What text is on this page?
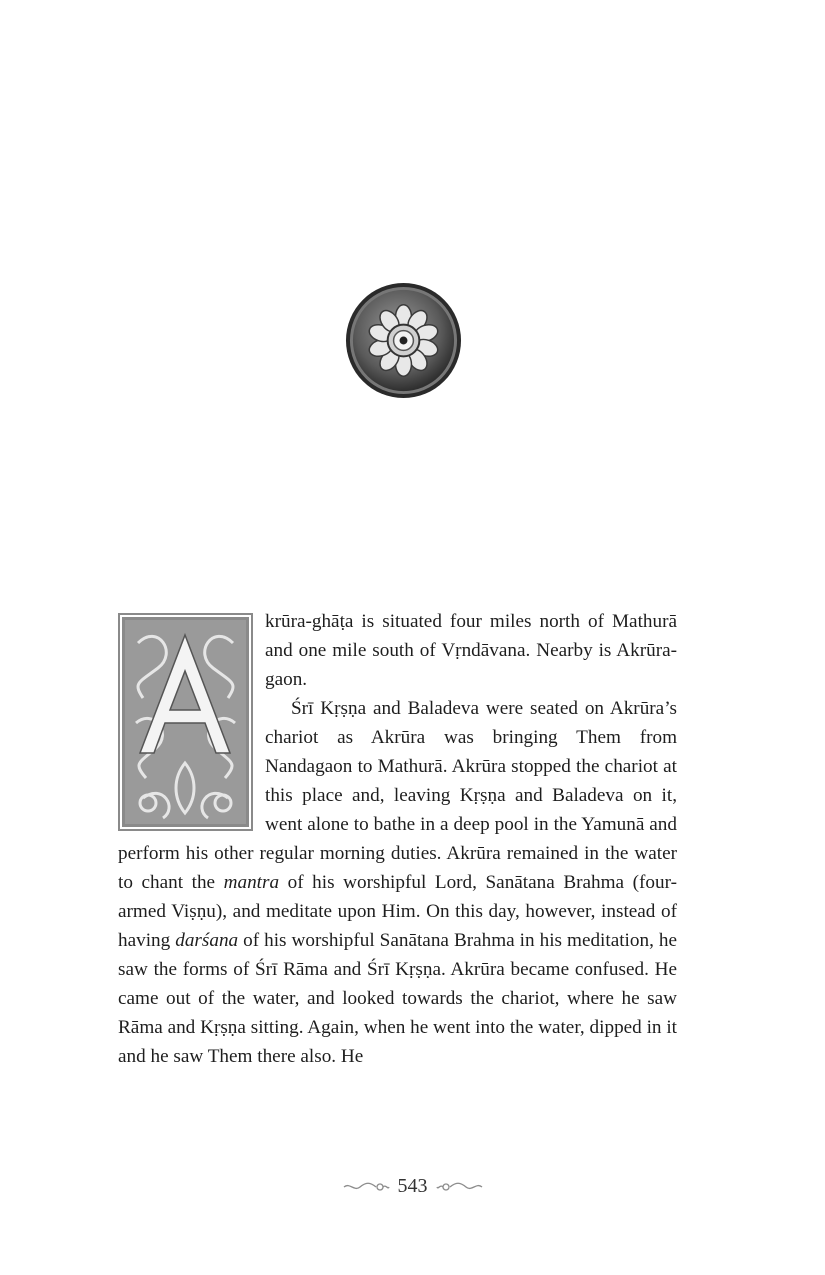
krūra-ghāṭa is situated four miles north of Mathurā and one mile south of Vṛndāvana. Nearby is Akrūra-gaon.

Śrī Kṛṣṇa and Baladeva were seated on Akrūra’s chariot as Akrūra was bringing Them from Nandagaon to Mathurā. Akrūra stopped the chariot at this place and, leaving Kṛṣṇa and Baladeva on it, went alone to bathe in a deep pool in the Yamunā and perform his other regular morning duties. Akrūra remained in the water to chant the mantra of his worshipful Lord, Sanātana Brahma (four-armed Viṣṇu), and meditate upon Him. On this day, however, instead of having darśana of his worshipful Sanātana Brahma in his meditation, he saw the forms of Śrī Rāma and Śrī Kṛṣṇa. Akrūra became confused. He came out of the water, and looked towards the chariot, where he saw Rāma and Kṛṣṇa sitting. Again, when he went into the water, dipped in it and he saw Them there also. He

543
